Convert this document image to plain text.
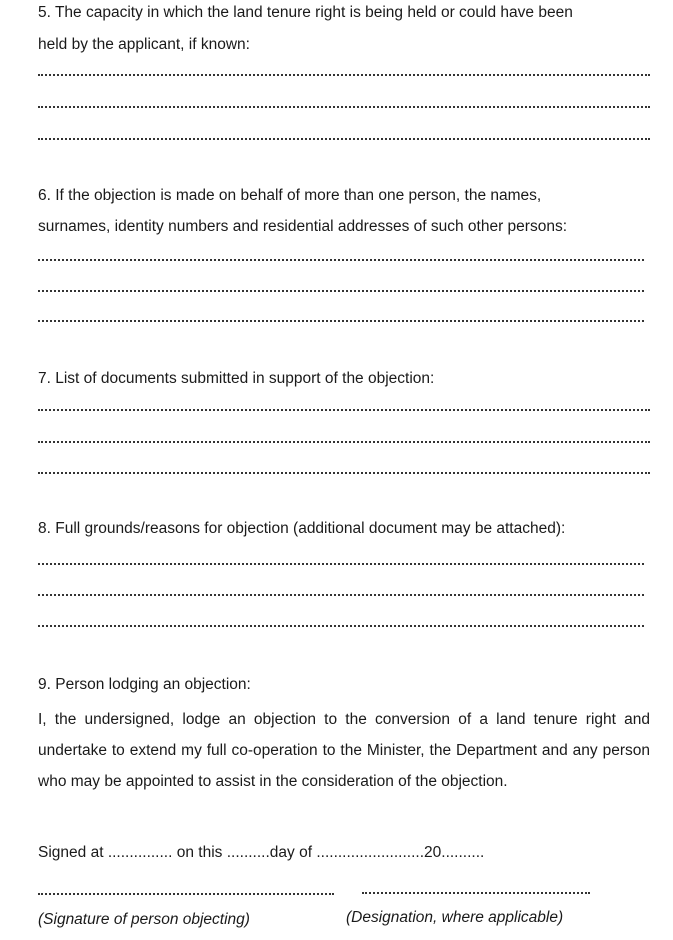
5. The capacity in which the land tenure right is being held or could have been
held by the applicant, if known:
6. If the objection is made on behalf of more than one person, the names,
surnames, identity numbers and residential addresses of such other persons:
7. List of documents submitted in support of the objection:
8. Full grounds/reasons for objection (additional document may be attached):
9. Person lodging an objection:
I, the undersigned, lodge an objection to the conversion of a land tenure right and undertake to extend my full co-operation to the Minister, the Department and any person who may be appointed to assist in the consideration of the objection.
Signed at ............... on this ..........day of .........................20..........
(Signature of person objecting)	(Designation, where applicable)
